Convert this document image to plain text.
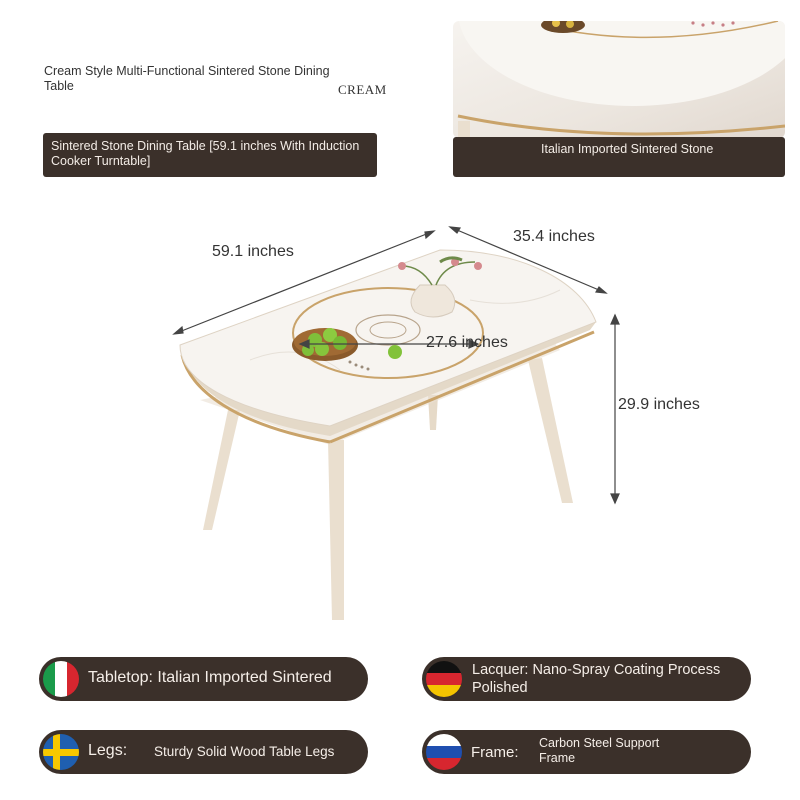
Cream Style Multi-Functional Sintered Stone Dining Table	CREAM
Sintered Stone Dining Table [59.1 inches With Induction Cooker Turntable]
Italian Imported Sintered Stone
59.1 inches
35.4 inches
27.6 inches
29.9 inches
Tabletop: Italian Imported Sintered	Lacquer: Nano-Spray Coating Process Polished
Legs: Sturdy Solid Wood Table Legs	Frame:
Carbon Steel Support Frame
